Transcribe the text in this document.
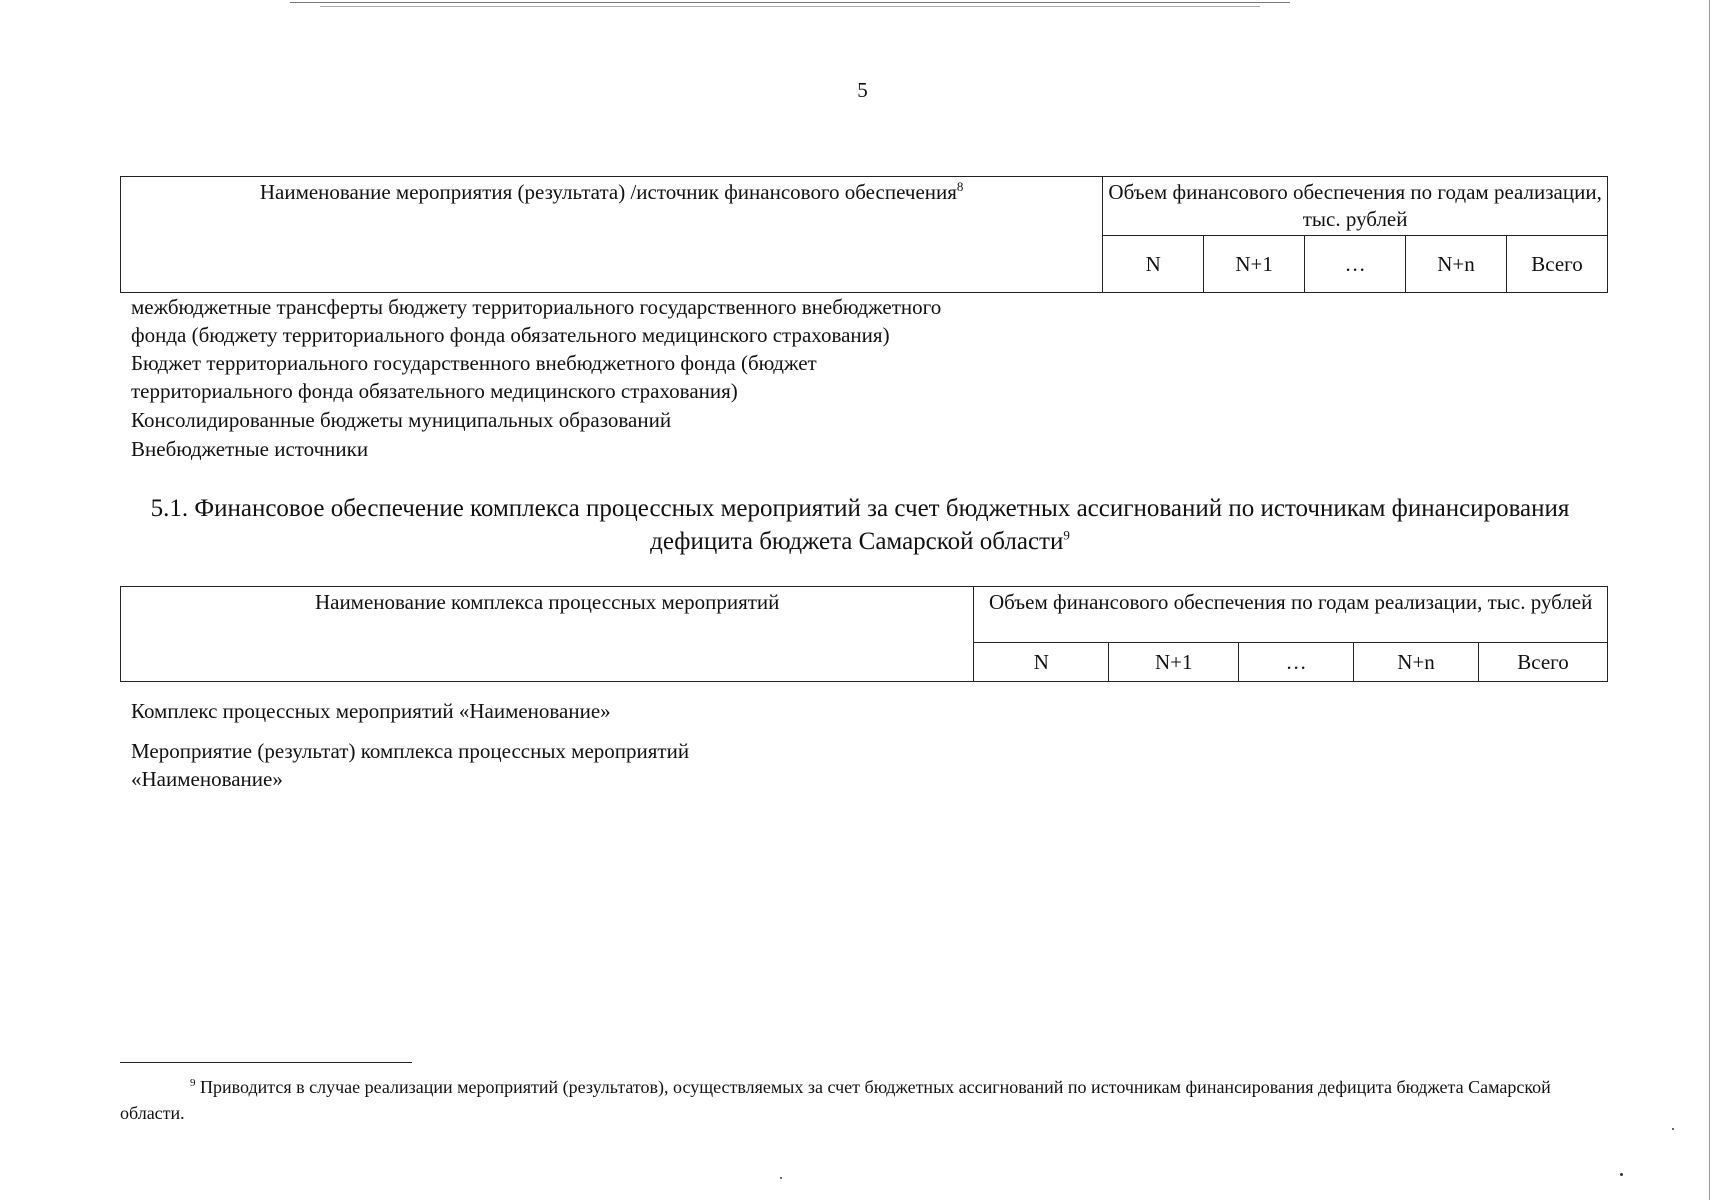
5
Наименование мероприятия (результата) /источник финансового обеспечения$^8$	Объем финансового обеспечения по годам реализации, тыс. рублей				
	N	N+1	…	N+n	Всего

межбюджетные трансферты бюджету территориального государственного внебюджетного

фонда (бюджету территориального фонда обязательного медицинского страхования)

Бюджет территориального государственного внебюджетного фонда (бюджет

территориального фонда обязательного медицинского страхования)

Консолидированные бюджеты муниципальных образований

Внебюджетные источники

5.1. Финансовое обеспечение комплекса процессных мероприятий за счет бюджетных ассигнований по источникам финансирования дефицита бюджета Самарской области$^9$
Наименование комплекса процессных мероприятий	Объем финансового обеспечения по годам реализации, тыс. рублей				
	N	N+1	…	N+n	Всего

Комплекс процессных мероприятий «Наименование»

Мероприятие (результат) комплекса процессных мероприятий

«Наименование»

$^9$ Приводится в случае реализации мероприятий (результатов), осуществляемых за счет бюджетных ассигнований по источникам финансирования дефицита бюджета Самарской области.
